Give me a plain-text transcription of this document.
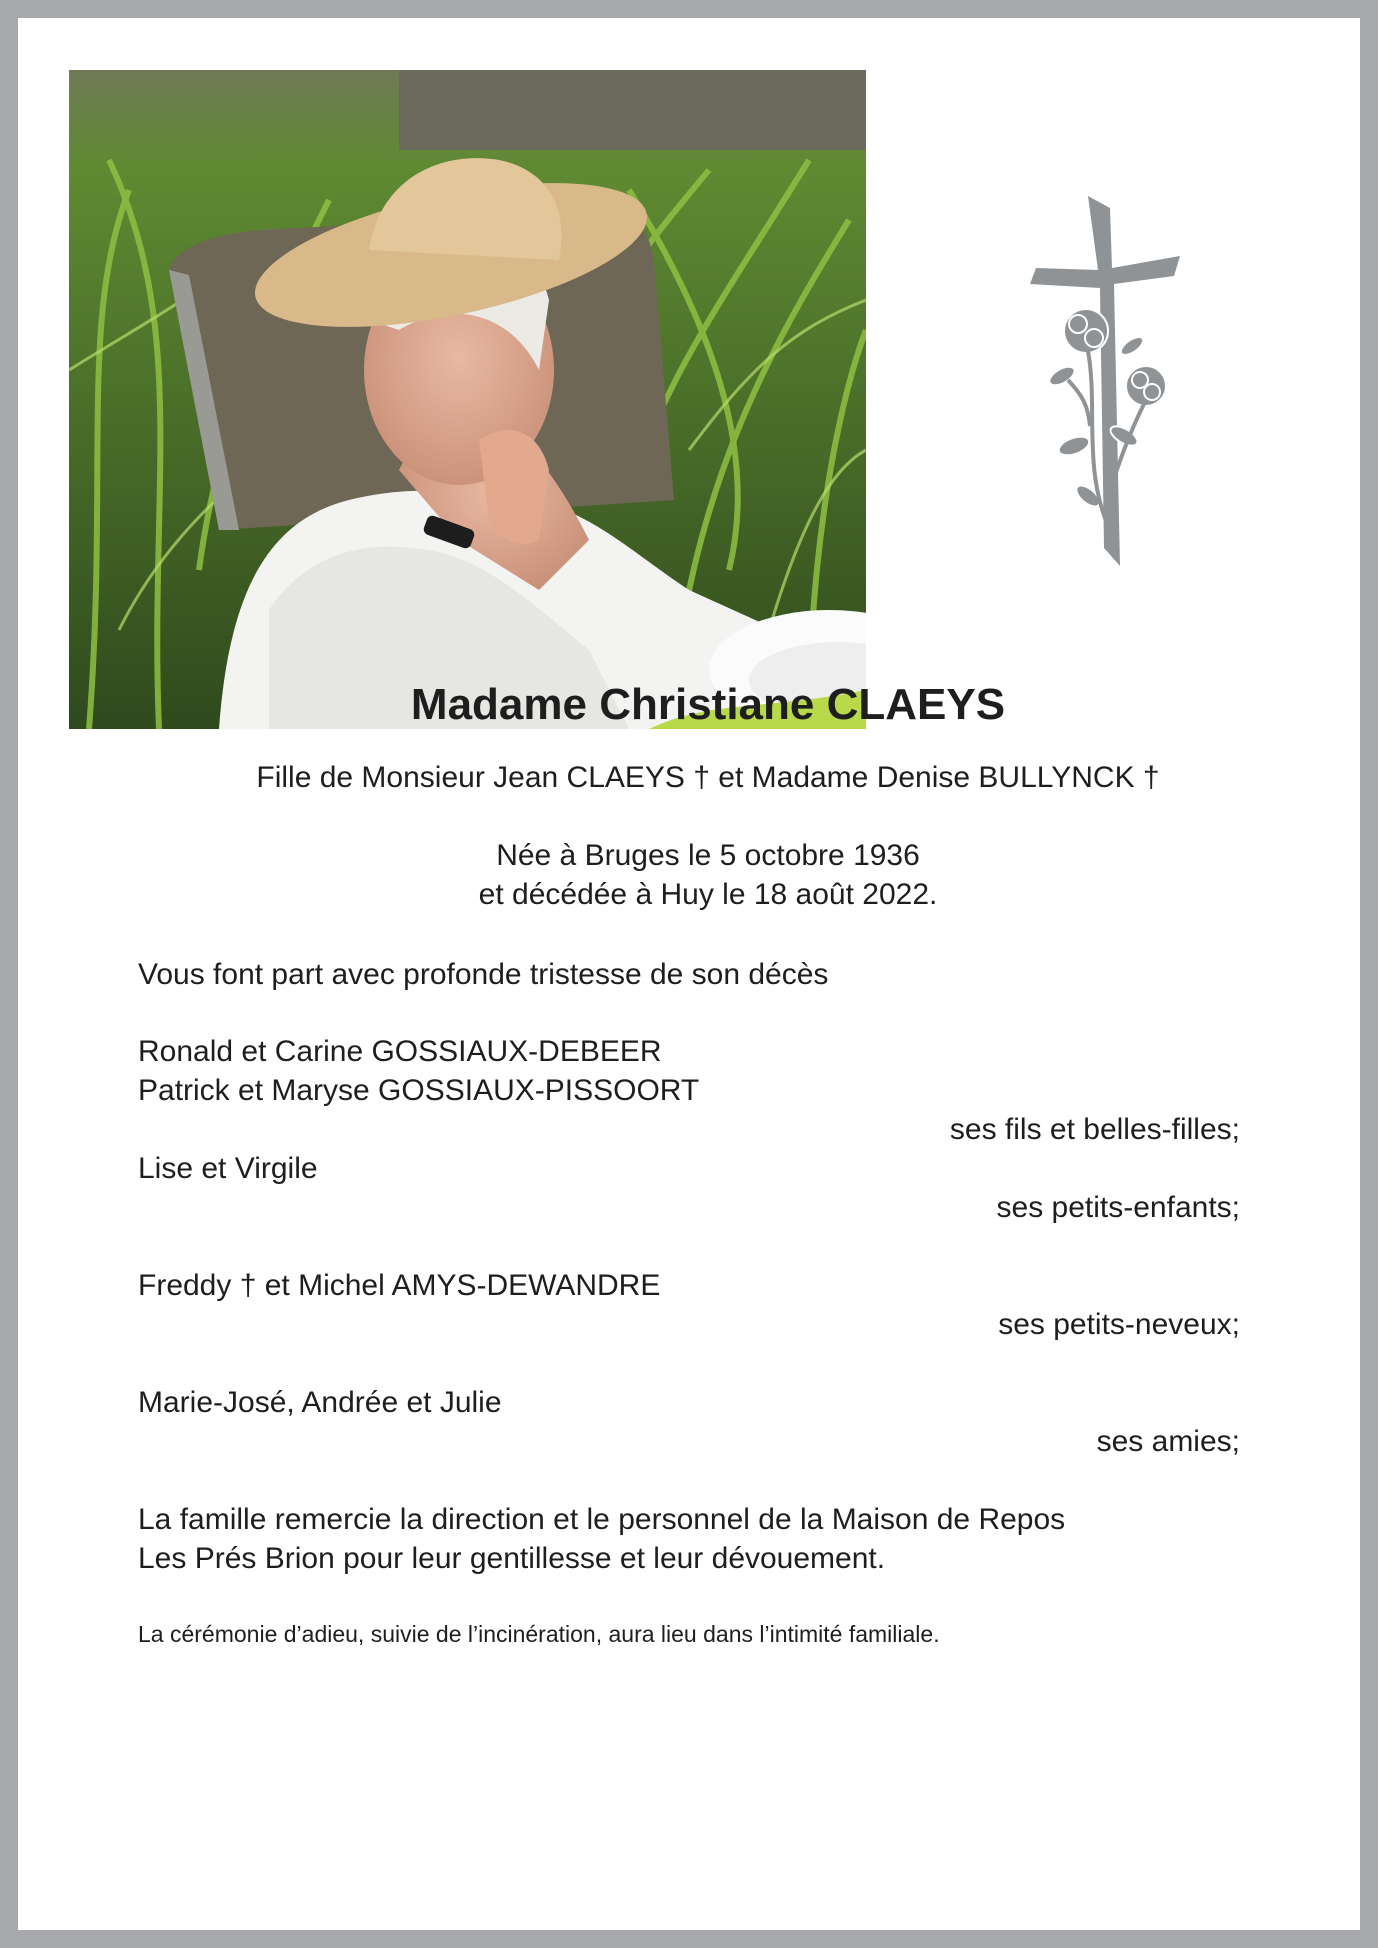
Madame Christiane CLAEYS
Fille de Monsieur Jean CLAEYS † et Madame Denise BULLYNCK †
Née à Bruges le 5 octobre 1936
et décédée à Huy le 18 août 2022.
Vous font part avec profonde tristesse de son décès
Ronald et Carine GOSSIAUX-DEBEER
Patrick et Maryse GOSSIAUX-PISSOORT
ses fils et belles-filles;
Lise et Virgile
ses petits-enfants;
Freddy † et Michel AMYS-DEWANDRE
ses petits-neveux;
Marie-José, Andrée et Julie
ses amies;
La famille remercie la direction et le personnel de la Maison de Repos
Les Prés Brion pour leur gentillesse et leur dévouement.
La cérémonie d’adieu, suivie de l’incinération, aura lieu dans l’intimité familiale.
